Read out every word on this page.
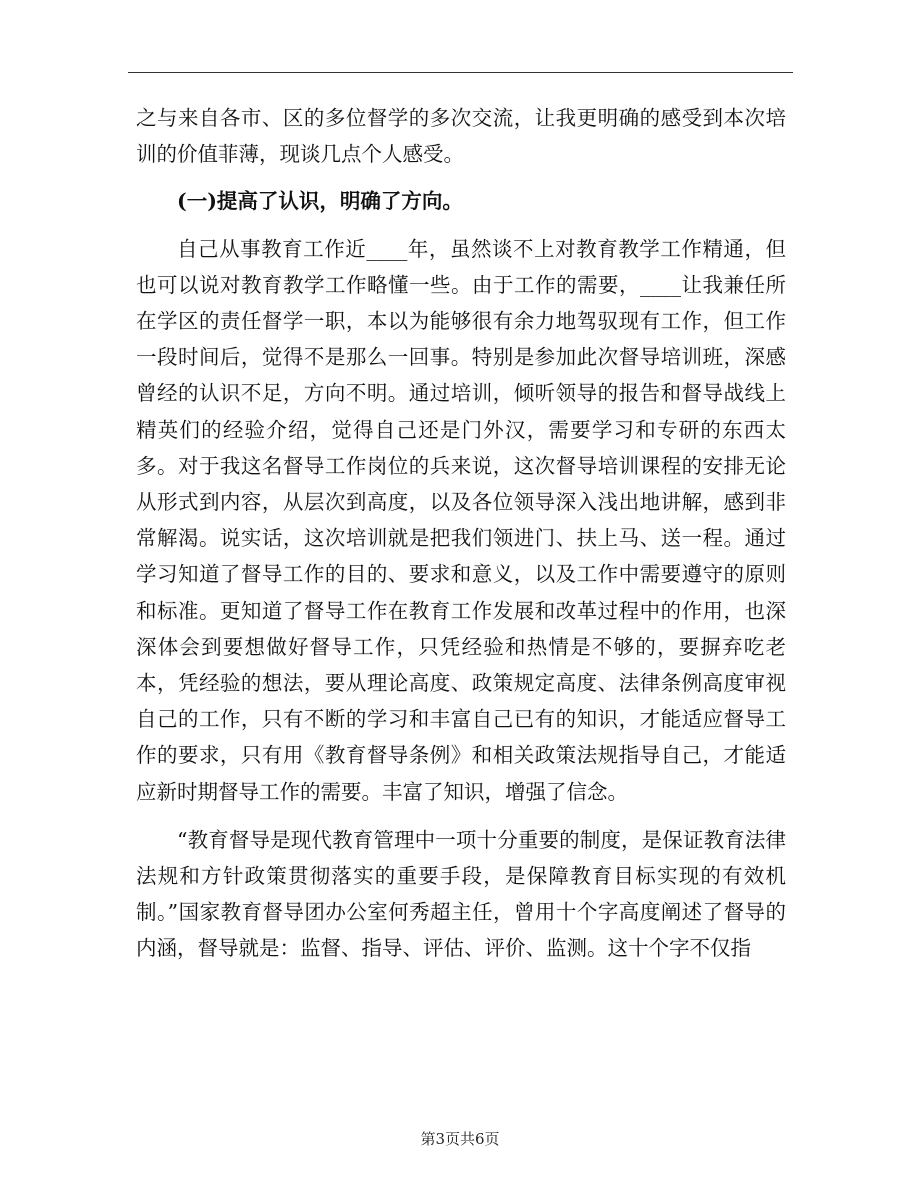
之与来自各市、区的多位督学的多次交流，让我更明确的感受到本次培训的价值菲薄，现谈几点个人感受。

(一)提高了认识，明确了方向。

自己从事教育工作近____年，虽然谈不上对教育教学工作精通，但也可以说对教育教学工作略懂一些。由于工作的需要，____让我兼任所在学区的责任督学一职，本以为能够很有余力地驾驭现有工作，但工作一段时间后，觉得不是那么一回事。特别是参加此次督导培训班，深感曾经的认识不足，方向不明。通过培训，倾听领导的报告和督导战线上精英们的经验介绍，觉得自己还是门外汉，需要学习和专研的东西太多。对于我这名督导工作岗位的兵来说，这次督导培训课程的安排无论从形式到内容，从层次到高度，以及各位领导深入浅出地讲解，感到非常解渴。说实话，这次培训就是把我们领进门、扶上马、送一程。通过学习知道了督导工作的目的、要求和意义，以及工作中需要遵守的原则和标准。更知道了督导工作在教育工作发展和改革过程中的作用，也深深体会到要想做好督导工作，只凭经验和热情是不够的，要摒弃吃老本，凭经验的想法，要从理论高度、政策规定高度、法律条例高度审视自己的工作，只有不断的学习和丰富自己已有的知识，才能适应督导工作的要求，只有用《教育督导条例》和相关政策法规指导自己，才能适应新时期督导工作的需要。丰富了知识，增强了信念。

“教育督导是现代教育管理中一项十分重要的制度，是保证教育法律法规和方针政策贯彻落实的重要手段，是保障教育目标实现的有效机制。”国家教育督导团办公室何秀超主任，曾用十个字高度阐述了督导的内涵，督导就是：监督、指导、评估、评价、监测。这十个字不仅指

第3页共6页
